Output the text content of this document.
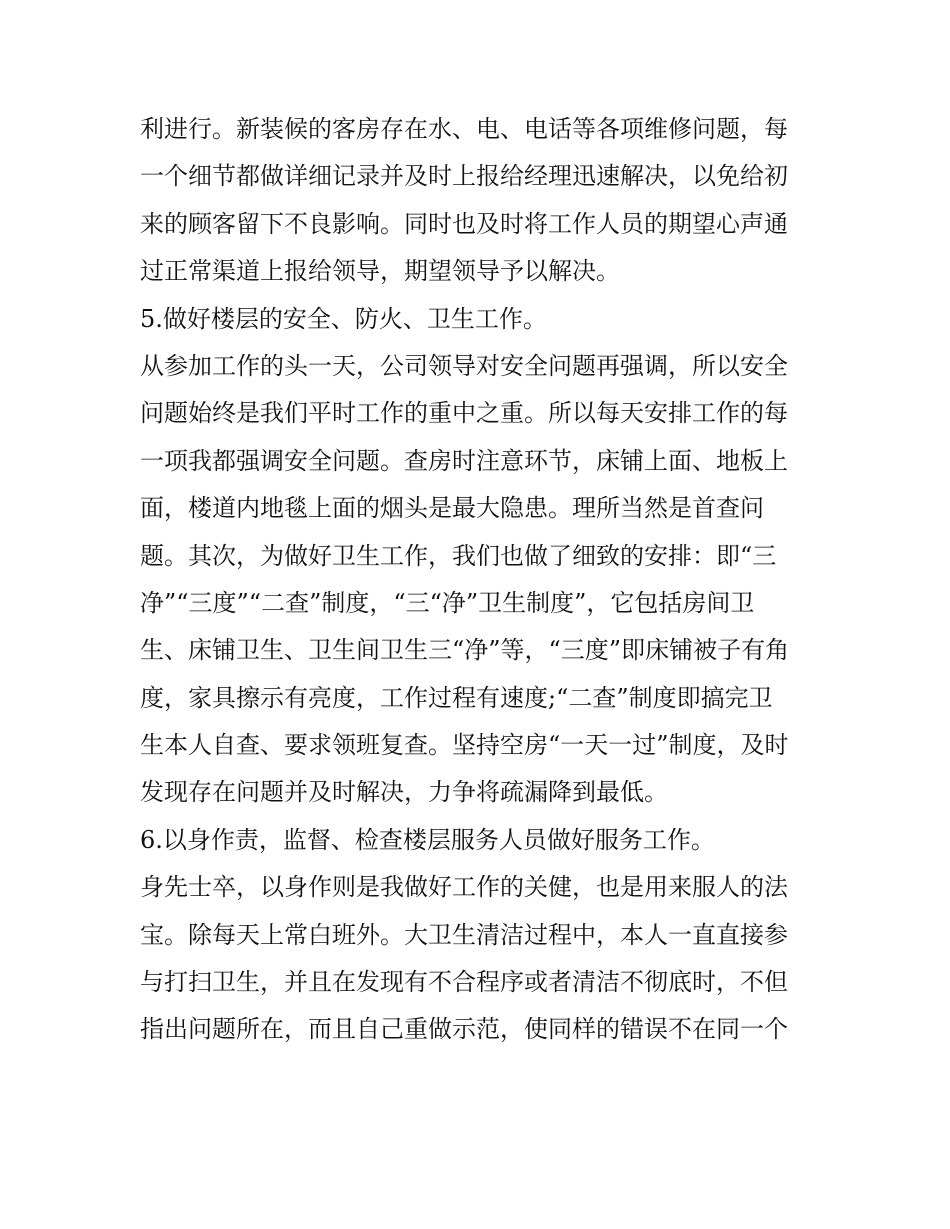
利进行。新装候的客房存在水、电、电话等各项维修问题，每
一个细节都做详细记录并及时上报给经理迅速解决，以免给初
来的顾客留下不良影响。同时也及时将工作人员的期望心声通
过正常渠道上报给领导，期望领导予以解决。
5.做好楼层的安全、防火、卫生工作。
从参加工作的头一天，公司领导对安全问题再强调，所以安全
问题始终是我们平时工作的重中之重。所以每天安排工作的每
一项我都强调安全问题。查房时注意环节，床铺上面、地板上
面，楼道内地毯上面的烟头是最大隐患。理所当然是首查问
题。其次，为做好卫生工作，我们也做了细致的安排：即“三
净”“三度”“二查”制度，“三“净”卫生制度”，它包括房间卫
生、床铺卫生、卫生间卫生三“净”等，“三度”即床铺被子有角
度，家具擦示有亮度，工作过程有速度;“二查”制度即搞完卫
生本人自查、要求领班复查。坚持空房“一天一过”制度，及时
发现存在问题并及时解决，力争将疏漏降到最低。
6.以身作责，监督、检查楼层服务人员做好服务工作。
身先士卒，以身作则是我做好工作的关健，也是用来服人的法
宝。除每天上常白班外。大卫生清洁过程中，本人一直直接参
与打扫卫生，并且在发现有不合程序或者清洁不彻底时，不但
指出问题所在，而且自己重做示范，使同样的错误不在同一个
